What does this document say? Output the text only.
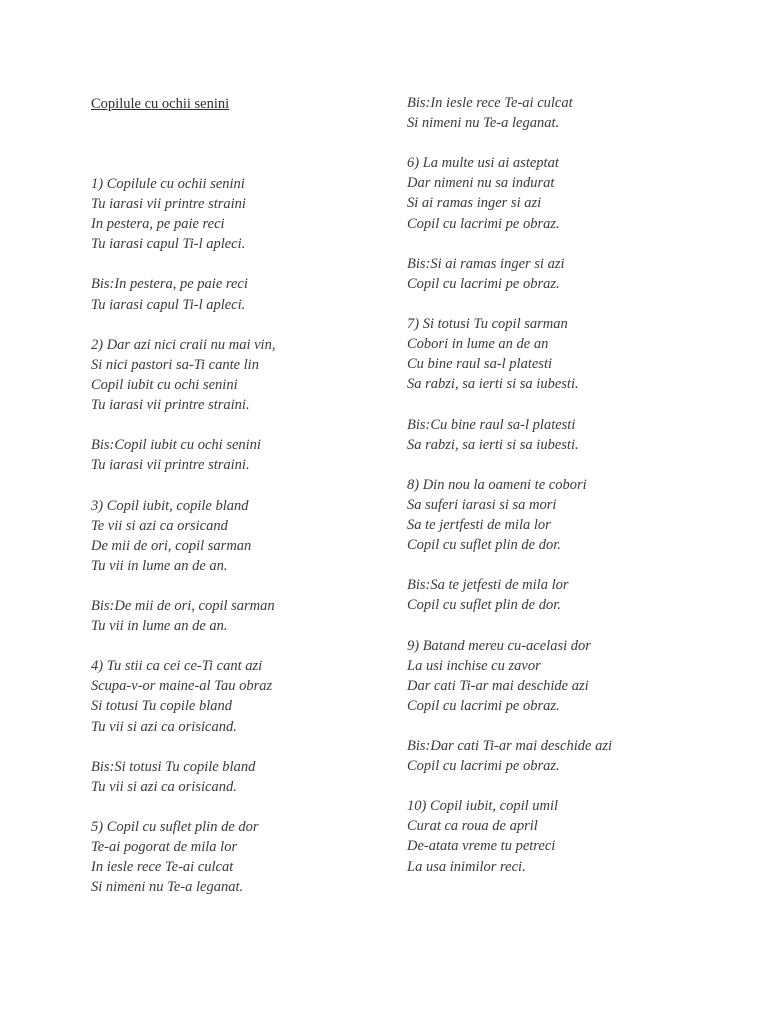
Copilule cu ochii senini
1) Copilule cu ochii senini
Tu iarasi vii printre straini
In pestera, pe paie reci
Tu iarasi capul Ti-l apleci.
Bis:In pestera, pe paie reci
Tu iarasi capul Ti-l apleci.
2) Dar azi nici craii nu mai vin,
Si nici pastori sa-Ti cante lin
Copil iubit cu ochi senini
Tu iarasi vii printre straini.
Bis:Copil iubit cu ochi senini
Tu iarasi vii printre straini.
3) Copil iubit, copile bland
Te vii si azi ca orsicand
De mii de ori, copil sarman
Tu vii in lume an de an.
Bis:De mii de ori, copil sarman
Tu vii in lume an de an.
4) Tu stii ca cei ce-Ti cant azi
Scupa-v-or maine-al Tau obraz
Si totusi Tu copile bland
Tu vii si azi ca orisicand.
Bis:Si totusi Tu copile bland
Tu vii si azi ca orisicand.
5) Copil cu suflet plin de dor
Te-ai pogorat de mila lor
In iesle rece Te-ai culcat
Si nimeni nu Te-a leganat.
Bis:In iesle rece Te-ai culcat
Si nimeni nu Te-a leganat.
6) La multe usi ai asteptat
Dar nimeni nu sa indurat
Si ai ramas inger si azi
Copil cu lacrimi pe obraz.
Bis:Si ai ramas inger si azi
Copil cu lacrimi pe obraz.
7) Si totusi Tu copil sarman
Cobori in lume an de an
Cu bine raul sa-l platesti
Sa rabzi, sa ierti si sa iubesti.
Bis:Cu bine raul sa-l platesti
Sa rabzi, sa ierti si sa iubesti.
8) Din nou la oameni te cobori
Sa suferi iarasi si sa mori
Sa te jertfesti de mila lor
Copil cu suflet plin de dor.
Bis:Sa te jetfesti de mila lor
Copil cu suflet plin de dor.
9) Batand mereu cu-acelasi dor
La usi inchise cu zavor
Dar cati Ti-ar mai deschide azi
Copil cu lacrimi pe obraz.
Bis:Dar cati Ti-ar mai deschide azi
Copil cu lacrimi pe obraz.
10) Copil iubit, copil umil
Curat ca roua de april
De-atata vreme tu petreci
La usa inimilor reci.
